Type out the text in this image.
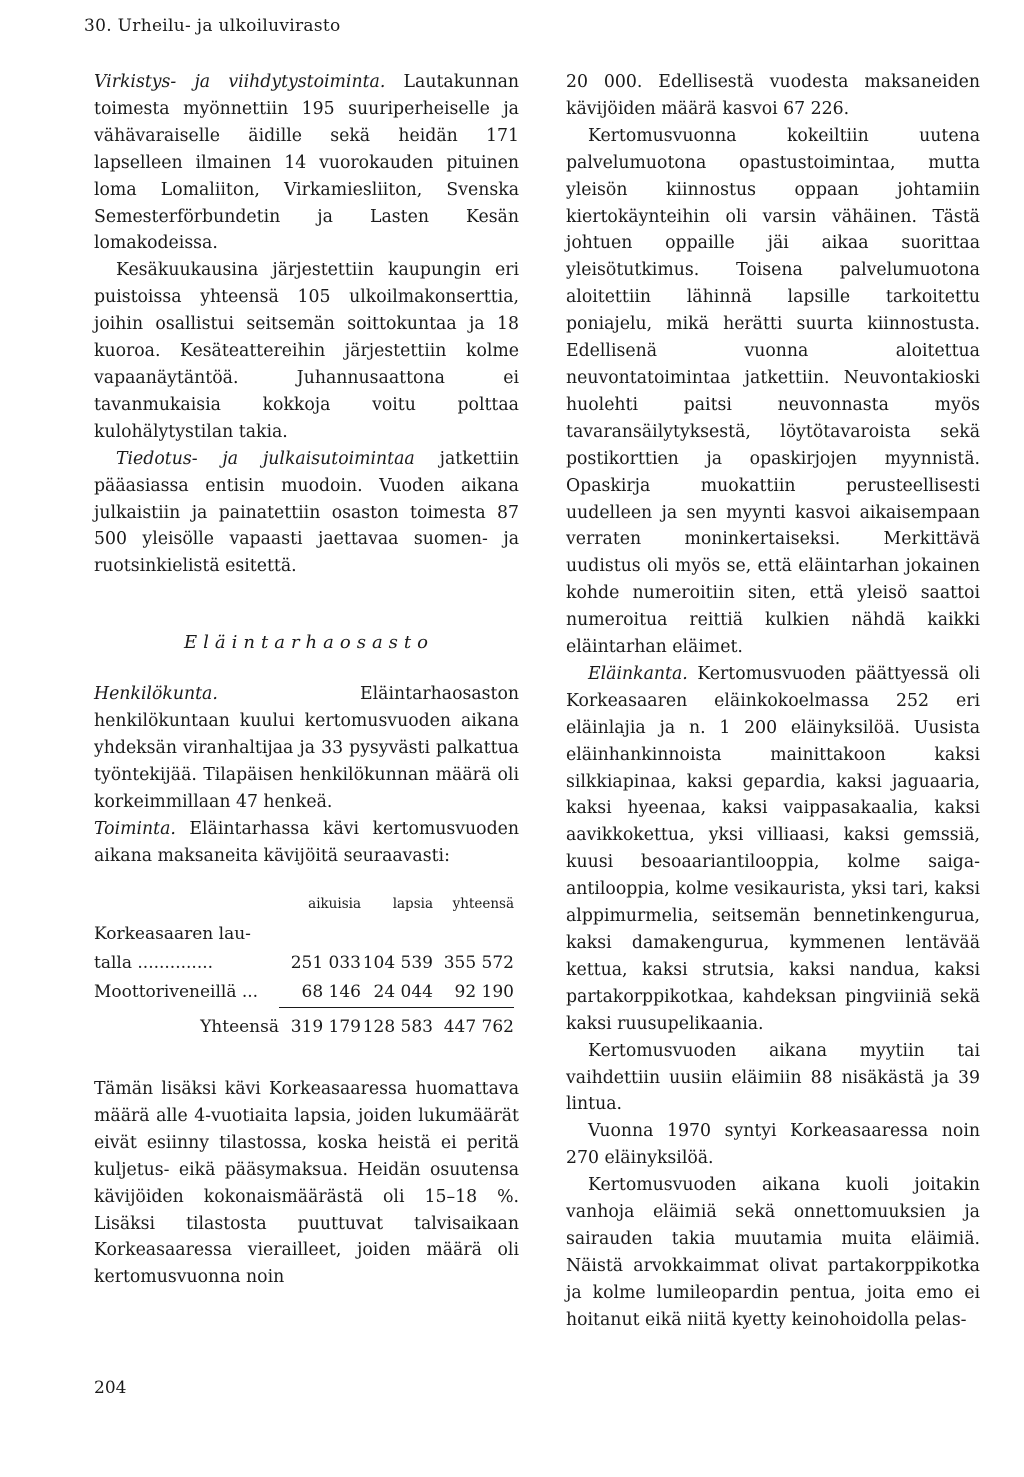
30. Urheilu- ja ulkoiluvirasto

Virkistys- ja viihdytystoiminta. Lautakunnan toimesta myönnettiin 195 suuriperheiselle ja vähävaraiselle äidille sekä heidän 171 lapselleen ilmainen 14 vuorokauden pituinen loma Lomaliiton, Virkamiesliiton, Svenska Semesterförbundetin ja Lasten Kesän lomakodeissa.

Kesäkuukausina järjestettiin kaupungin eri puistoissa yhteensä 105 ulkoilmakonserttia, joihin osallistui seitsemän soittokuntaa ja 18 kuoroa. Kesäteattereihin järjestettiin kolme vapaanäytäntöä. Juhannusaattona ei tavanmukaisia kokkoja voitu polttaa kulohälytystilan takia.

Tiedotus- ja julkaisutoimintaa jatkettiin pääasiassa entisin muodoin. Vuoden aikana julkaistiin ja painatettiin osaston toimesta 87 500 yleisölle vapaasti jaettavaa suomen- ja ruotsinkielistä esitettä.

Eläintarhaosasto

Henkilökunta. Eläintarhaosaston henkilökuntaan kuului kertomusvuoden aikana yhdeksän viranhaltijaa ja 33 pysyvästi palkattua työntekijää. Tilapäisen henkilökunnan määrä oli korkeimmillaan 47 henkeä.

Toiminta. Eläintarhassa kävi kertomusvuoden aikana maksaneita kävijöitä seuraavasti:

	aikuisia	lapsia	yhteensä
Korkeasaaren lau-			
talla ..............	251 033	104 539	355 572
Moottoriveneillä ...	68 146	24 044	92 190

Yhteensä	319 179	128 583	447 762

Tämän lisäksi kävi Korkeasaaressa huomattava määrä alle 4-vuotiaita lapsia, joiden lukumäärät eivät esiinny tilastossa, koska heistä ei peritä kuljetus- eikä pääsymaksua. Heidän osuutensa kävijöiden kokonaismäärästä oli 15–18 %. Lisäksi tilastosta puuttuvat talvisaikaan Korkeasaaressa vierailleet, joiden määrä oli kertomusvuonna noin

20 000. Edellisestä vuodesta maksaneiden kävijöiden määrä kasvoi 67 226.

Kertomusvuonna kokeiltiin uutena palvelumuotona opastustoimintaa, mutta yleisön kiinnostus oppaan johtamiin kiertokäynteihin oli varsin vähäinen. Tästä johtuen oppaille jäi aikaa suorittaa yleisötutkimus. Toisena palvelumuotona aloitettiin lähinnä lapsille tarkoitettu poniajelu, mikä herätti suurta kiinnostusta. Edellisenä vuonna aloitettua neuvontatoimintaa jatkettiin. Neuvontakioski huolehti paitsi neuvonnasta myös tavaransäilytyksestä, löytötavaroista sekä postikorttien ja opaskirjojen myynnistä. Opaskirja muokattiin perusteellisesti uudelleen ja sen myynti kasvoi aikaisempaan verraten moninkertaiseksi. Merkittävä uudistus oli myös se, että eläintarhan jokainen kohde numeroitiin siten, että yleisö saattoi numeroitua reittiä kulkien nähdä kaikki eläintarhan eläimet.

Eläinkanta. Kertomusvuoden päättyessä oli Korkeasaaren eläinkokoelmassa 252 eri eläinlajia ja n. 1 200 eläinyksilöä. Uusista eläinhankinnoista mainittakoon kaksi silkkiapinaa, kaksi gepardia, kaksi jaguaaria, kaksi hyeenaa, kaksi vaippasakaalia, kaksi aavikkokettua, yksi villiaasi, kaksi gemssiä, kuusi besoaariantilooppia, kolme saiga-antilooppia, kolme vesikaurista, yksi tari, kaksi alppimurmelia, seitsemän bennetinkengurua, kaksi damakengurua, kymmenen lentävää kettua, kaksi strutsia, kaksi nandua, kaksi partakorppikotkaa, kahdeksan pingviiniä sekä kaksi ruusupelikaania.

Kertomusvuoden aikana myytiin tai vaihdettiin uusiin eläimiin 88 nisäkästä ja 39 lintua.

Vuonna 1970 syntyi Korkeasaaressa noin 270 eläinyksilöä.

Kertomusvuoden aikana kuoli joitakin vanhoja eläimiä sekä onnettomuuksien ja sairauden takia muutamia muita eläimiä. Näistä arvokkaimmat olivat partakorppikotka ja kolme lumileopardin pentua, joita emo ei hoitanut eikä niitä kyetty keinohoidolla pelas-

204
